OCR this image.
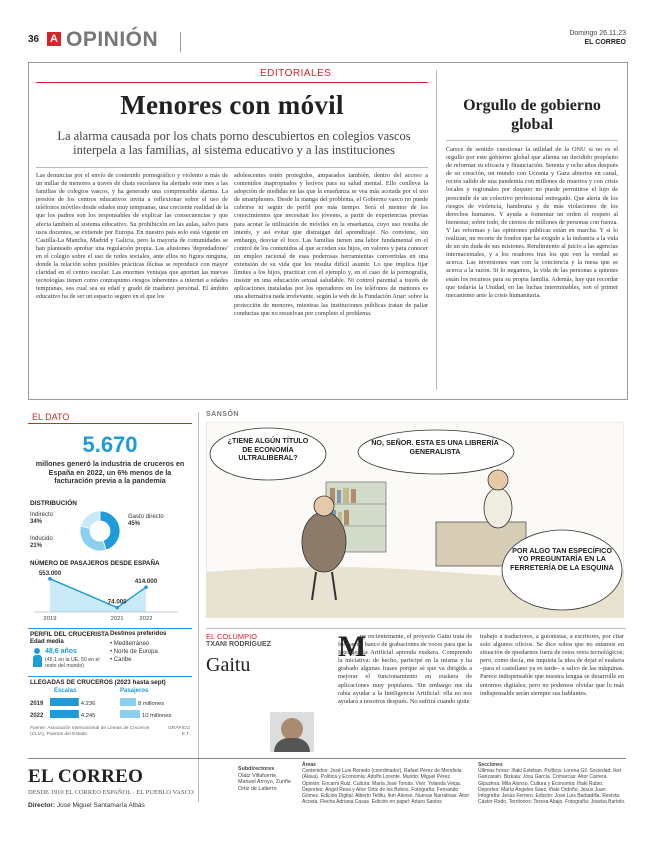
36 A OPINIÓN	Domingo 26.11.23
EL CORREO
EDITORIALES
Menores con móvil

La alarma causada por los chats porno descubiertos en colegios vascos interpela a las familias, al sistema educativo y a las instituciones

Las denuncias por el envío de contenido pornográfico y violento a más de un millar de menores a través de chats escolares ha alertado este mes a las familias de colegios vascos, y ha generado una comprensible alarma. La presión de los centros educativos invita a reflexionar sobre el uso de teléfonos móviles desde edades muy tempranas, una creciente realidad de la que los padres son los responsables de explicar las consecuencias y que afecta también al sistema educativo. Su prohibición en las aulas, salvo para usos docentes, se extiende por Europa. En nuestro país solo está vigente en Castilla-La Mancha, Madrid y Galicia, pero la mayoría de comunidades se han planteado aprobar una regulación propia. Las alusiones 'depredadoras' en el colegio sobre el uso de redes sociales, ante ellos no figura ninguna, donde la relación sobre posibles prácticas ilícitas se reproduce con mayor claridad en el centro escolar. Las enormes ventajas que aportan las nuevas tecnologías tienen como contrapunto riesgos inherentes a internet a edades tempranas, sea cual sea su edad y grado de madurez personal. El ámbito educativo ha de ser un espacio seguro en el que los

adolescentes estén protegidos, amparados también, dentro del acceso a contenidos inapropiados y lesivos para su salud mental. Ello conlleva la adopción de medidas en las que la enseñanza se vea más acotada por el uso de smartphones. Desde la manga del problema, el Gobierno vasco no puede cubrirse ni seguir de perfil por más tiempo. Será el mentor de los conocimientos que necesitan los jóvenes, a partir de experiencias previas para acotar la utilización de móviles en la enseñanza, cuyo uso resulta de interés, y así evitar que distraigan del aprendizaje. No conviene, sin embargo, desviar el foco. Las familias tienen una labor fundamental en el control de los contenidos al que acceden sus hijos, en valores y para conocer un empleo racional de esas poderosas herramientas convertidas en una extensión de su vida que les resulta difícil asumir. Lo que implica fijar límites a los hijos, practicar con el ejemplo y, en el caso de la pornografía, insistir en una educación sexual saludable. Ni control parental a través de aplicaciones instaladas por los operadores en los teléfonos de menores es una alternativa nada irrelevante, según la web de la Fundación Anar: sobre la protección de menores, mientras las instituciones públicas tratan de paliar conductas que no resuelvan por completo el problema.

Orgullo de gobierno global

Carece de sentido cuestionar la utilidad de la ONU si no es el orgullo por este gobierno global que alienta un decidido propósito de reformar su eficacia y financiación. Setenta y ocho años después de su creación, un mundo con Ucrania y Gaza abiertos en canal, recién salido de una pandemia con millones de muertos y con crisis locales y regionales por doquier no puede permitirse el lujo de prescindir de un colectivo profesional entregado. Que alerta de los riesgos de violencia, hambruna y de más violaciones de los derechos humanos. Y ayuda a fomentar un orden el respeto al bienestar, sobre todo, de cientos de millones de personas con fuerza. Y las reformas y las opiniones públicas están en marcha. Y si lo realizan, un recorte de fondos que ha exigido a la industria a la vida de un sin duda de sus misiones. Rendimiento al juicio a las agencias internacionales, y a los oradores tras los que ven la verdad se acerca. Las inversiones van con la conciencia y la mesa que se acerca a la razón. Si lo negamos, la vida de las personas a quienes están los recursos para su propia familia. Además, hay que recordar que todavía la Unidad, en las luchas interminables, son el primer mecanismo ante la crisis humanitaria.

EL DATO
5.670
millones generó la industria de cruceros en España en 2022, un 6% menos de la facturación previa a la pandemia
DISTRIBUCIÓN
Gasto directo
45%
Indirecto
34%
Inducido
21%
NÚMERO DE PASAJEROS DESDE ESPAÑA
553.000
2019
74.000
2021
414.000
2022
PERFIL DEL CRUCERISTA
Edad media
48,6 años
(45,1 en la UE, 50 en el resto del mundo)
Destinos preferidos
• Mediterráneo
• Norte de Europa
• Caribe
LLEGADAS DE CRUCEROS (2023 hasta sept)
Escalas	Pasajeros
2019	4.236	8 millones
2022	4.245	10 millones
Fuente: Asociación Internacional de Líneas de Cruceros (CLIA), Puertos del Estado
GRÁFICO E.T.
SANSÓN
¿TIENE ALGÚN TÍTULO DE ECONOMÍA ULTRALIBERAL?
NO, SEÑOR. ESTA ES UNA LIBRERÍA GENERALISTA
POR ALGO TAN ESPECÍFICO YO PREGUNTARÍA EN LA FERRETERÍA DE LA ESQUINA
EL COLUMPIO
TXANI RODRÍGUEZ
Gaitu
M

uy recientemente, el proyecto Gaitu trata de formar un banco de grabaciones de voces para que la Inteligencia Artificial aprenda euskera. Comprendo la iniciativa: de hecho, participé en la misma y ha grabado algunas frases porque sé que va dirigida a mejorar el funcionamiento en euskera de aplicaciones muy populares. Sin embargo me da rabia ayudar a la Inteligencia Artificial: ella no nos ayudará a nosotros después. No sufrirá cuando quite

trabajo a traductores, a guionistas, a escritores, por citar solo algunos oficios. Se dice sobra que no estamos en situación de quedarnos fuera de estos retos tecnológicos; pero, como decía, me inquieta la idea de dejar el euskera –para el castellano ya es tarde– a salvo de las máquinas. Parece indispensable que nuestra lengua se desarrolle en entornos digitales; pero no podemos olvidar que lo más indispensable serán siempre sus hablantes.

EL CORREO
DESDE 1910 EL CORREO ESPAÑOL · EL PUEBLO VASCO
Director: José Miguel Santamaría Albás
Subdirectores
Olatz Villafuerte, Manuel Arroyo, Zuriñe Ortiz de Latierro
Áreas
Contenidos: José Luis Renedo (coordinador), Rafael Pérez de Mendiola (Álava). Política y Economía: Adolfo Lorente. Mundo: Miguel Pérez. Opinión: Encarni Ruiz. Cultura: María José Tomás. Vivir: Yolanda Veiga. Deportes: Ángel Resa y Aitor Ortiz de los Bobos. Fotografía: Fernando Gómez. Edición Digital: Alberto Tellitu, Iker Alonso. Nuevas Narrativas: Aitor Acosta. Flecha Adriana Casas. Edición en papel: Arturo Santos
Secciones
Últimas horas: Iñaki Esteban. Política: Lorena Gil. Sociedad: Iker Ganzarain. Bizkaia: Josu García. Comarcas: Aitor Carrera. Gipuzkoa: Mila Alonso. Cultura y Economía: Iñaki Rubio. Deportes: María Ángeles Sáez, Iñaki Ordoño, Jesús Juan. Infografía: Jesús Ferrero. Edición: José Luis Barbadilla. Revista: Cástor Redo. Territorios: Teresa Abajo. Fotografía: Joseba Bartolo.
